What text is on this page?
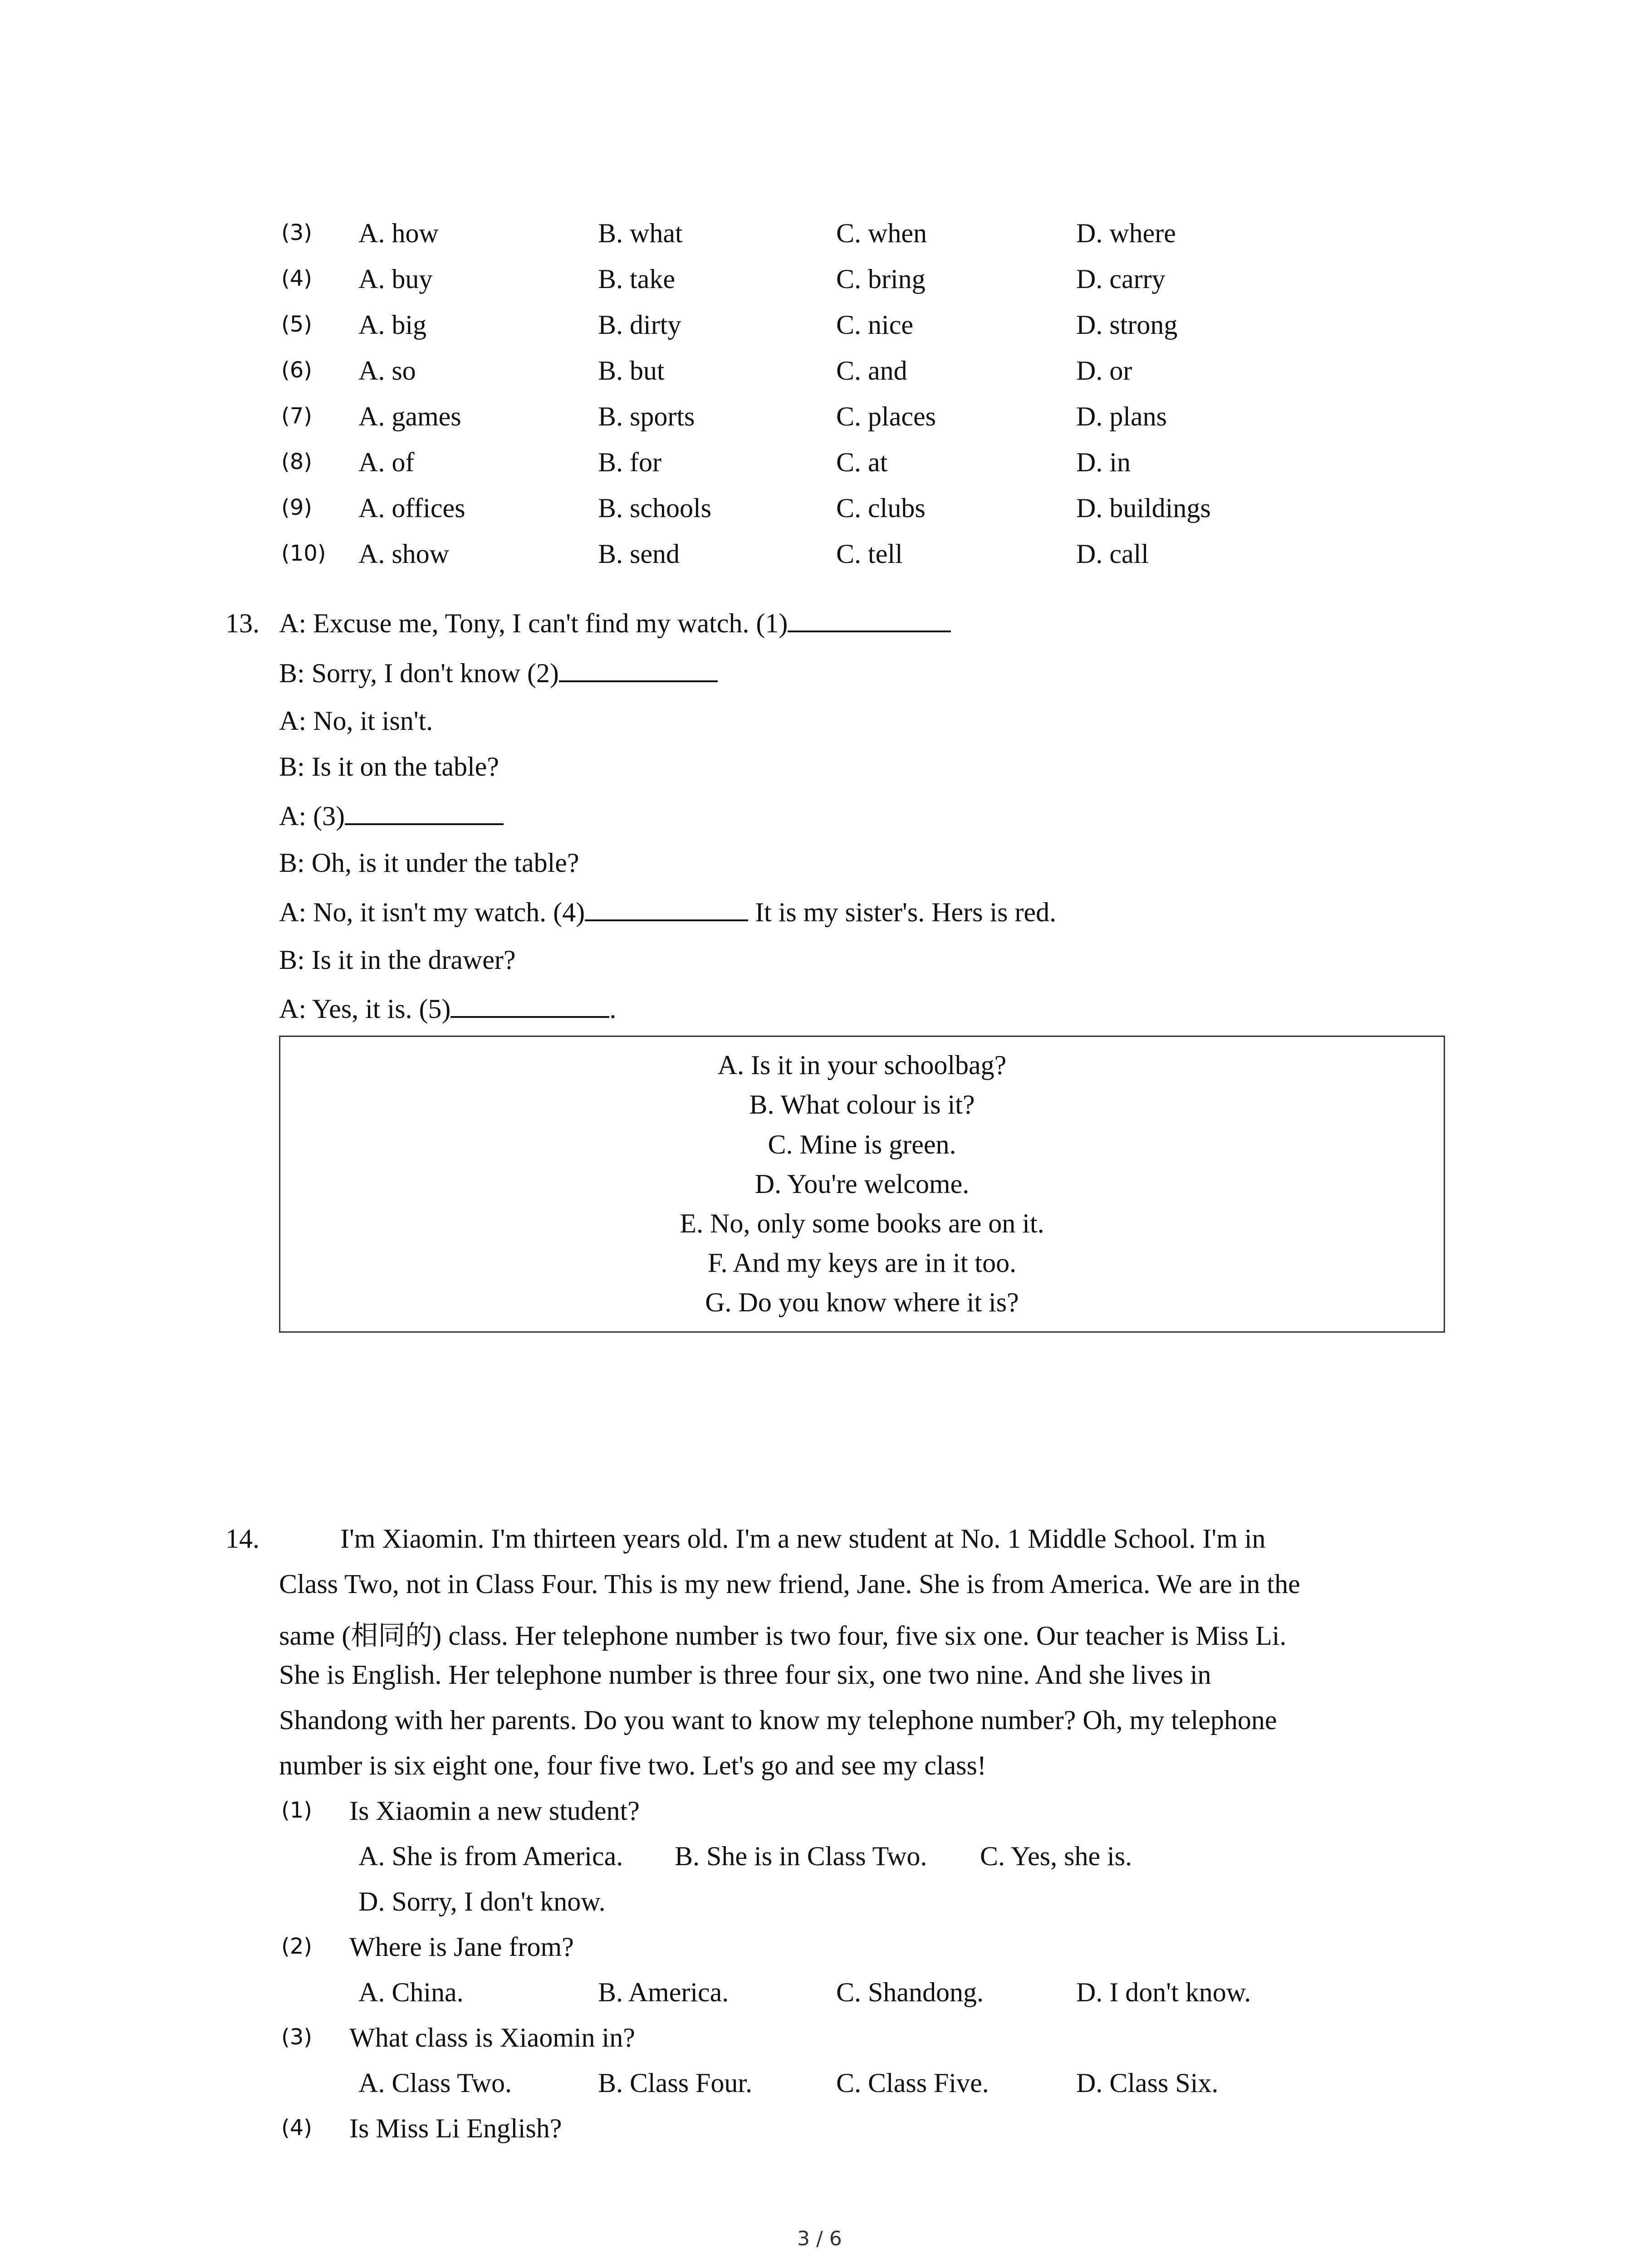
(3) A. how	B. what	C. when	D. where
(4) A. buy	B. take	C. bring	D. carry
(5) A. big	B. dirty	C. nice	D. strong
(6) A. so	B. but	C. and	D. or
(7) A. games	B. sports	C. places	D. plans
(8) A. of	B. for	C. at	D. in
(9) A. offices	B. schools	C. clubs	D. buildings
(10) A. show	B. send	C. tell	D. call
13. A: Excuse me, Tony, I can't find my watch. (1)
B: Sorry, I don't know (2)
A: No, it isn't.
B: Is it on the table?
A: (3)
B: Oh, is it under the table?
A: No, it isn't my watch. (4)	It is my sister's. Hers is red.
B: Is it in the drawer?
A: Yes, it is. (5)	.
A. Is it in your schoolbag?
B. What colour is it?
C. Mine is green.
D. You're welcome.
E. No, only some books are on it.
F. And my keys are in it too.
G. Do you know where it is?
14.	I'm Xiaomin. I'm thirteen years old. I'm a new student at No. 1 Middle School. I'm in
Class Two, not in Class Four. This is my new friend, Jane. She is from America. We are in the
same (相同的) class. Her telephone number is two four, five six one. Our teacher is Miss Li.
She is English. Her telephone number is three four six, one two nine. And she lives in
Shandong with her parents. Do you want to know my telephone number? Oh, my telephone
number is six eight one, four five two. Let's go and see my class!
(1) Is Xiaomin a new student?
A. She is from America. B. She is in Class Two. C. Yes, she is.
D. Sorry, I don't know.
(2) Where is Jane from?
A. China.	B. America.	C. Shandong.	D. I don't know.
(3) What class is Xiaomin in?
A. Class Two.	B. Class Four.	C. Class Five.	D. Class Six.
(4) Is Miss Li English?
3 / 6
